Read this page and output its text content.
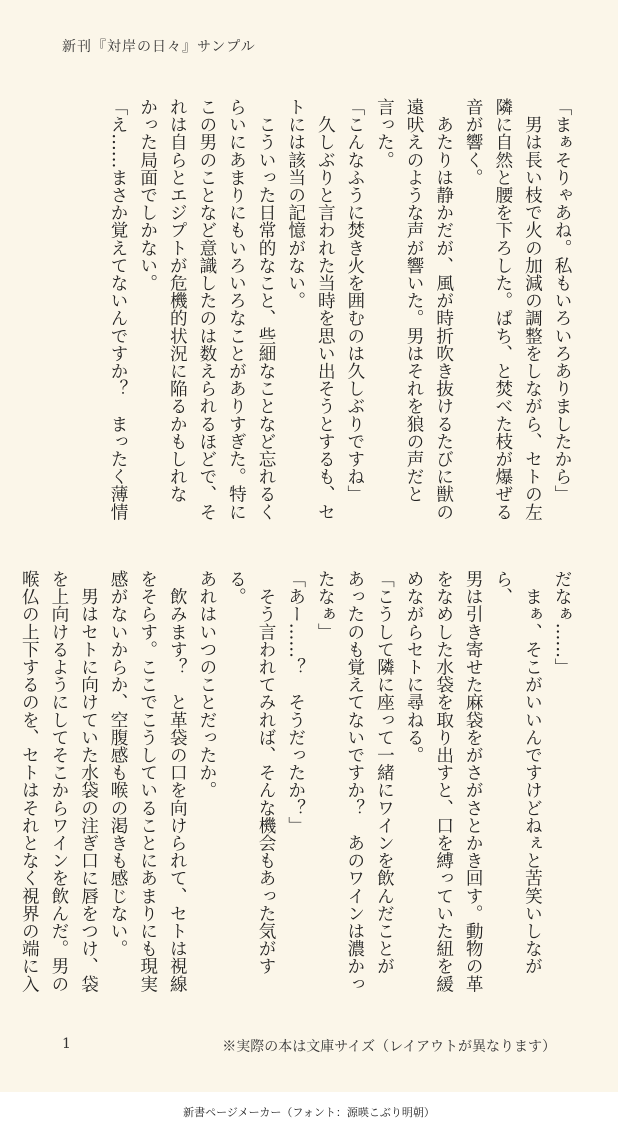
新刊『対岸の日々』サンプル

「まぁそりゃあね。私もいろいろありましたから」

　男は長い枝で火の加減の調整をしながら、セトの左

隣に自然と腰を下ろした。ぱち、と焚べた枝が爆ぜる

音が響く。

　あたりは静かだが、風が時折吹き抜けるたびに獣の

遠吠えのような声が響いた。男はそれを狼の声だと

言った。

「こんなふうに焚き火を囲むのは久しぶりですね」

　久しぶりと言われた当時を思い出そうとするも、セ

トには該当の記憶がない。

　こういった日常的なこと、些細なことなど忘れるく

らいにあまりにもいろいろなことがありすぎた。特に

この男のことなど意識したのは数えられるほどで、そ

れは自らとエジプトが危機的状況に陥るかもしれな

かった局面でしかない。

「え……まさか覚えてないんですか？　まったく薄情

だなぁ……」

　まぁ、そこがいいんですけどねぇと苦笑いしながら、

男は引き寄せた麻袋をがさがさとかき回す。動物の革

をなめした水袋を取り出すと、口を縛っていた紐を緩

めながらセトに尋ねる。

「こうして隣に座って一緒にワインを飲んだことが

あったのも覚えてないですか？　あのワインは濃かっ

たなぁ」

「あー……？　そうだったか？」

　そう言われてみれば、そんな機会もあった気がする。

あれはいつのことだったか。

　飲みます？　と革袋の口を向けられて、セトは視線

をそらす。ここでこうしていることにあまりにも現実

感がないからか、空腹感も喉の渇きも感じない。

　男はセトに向けていた水袋の注ぎ口に唇をつけ、袋

を上向けるようにしてそこからワインを飲んだ。男の

喉仏の上下するのを、セトはそれとなく視界の端に入

1	※実際の本は文庫サイズ（レイアウトが異なります）
新書ページメーカー（フォント：源暎こぶり明朝）
